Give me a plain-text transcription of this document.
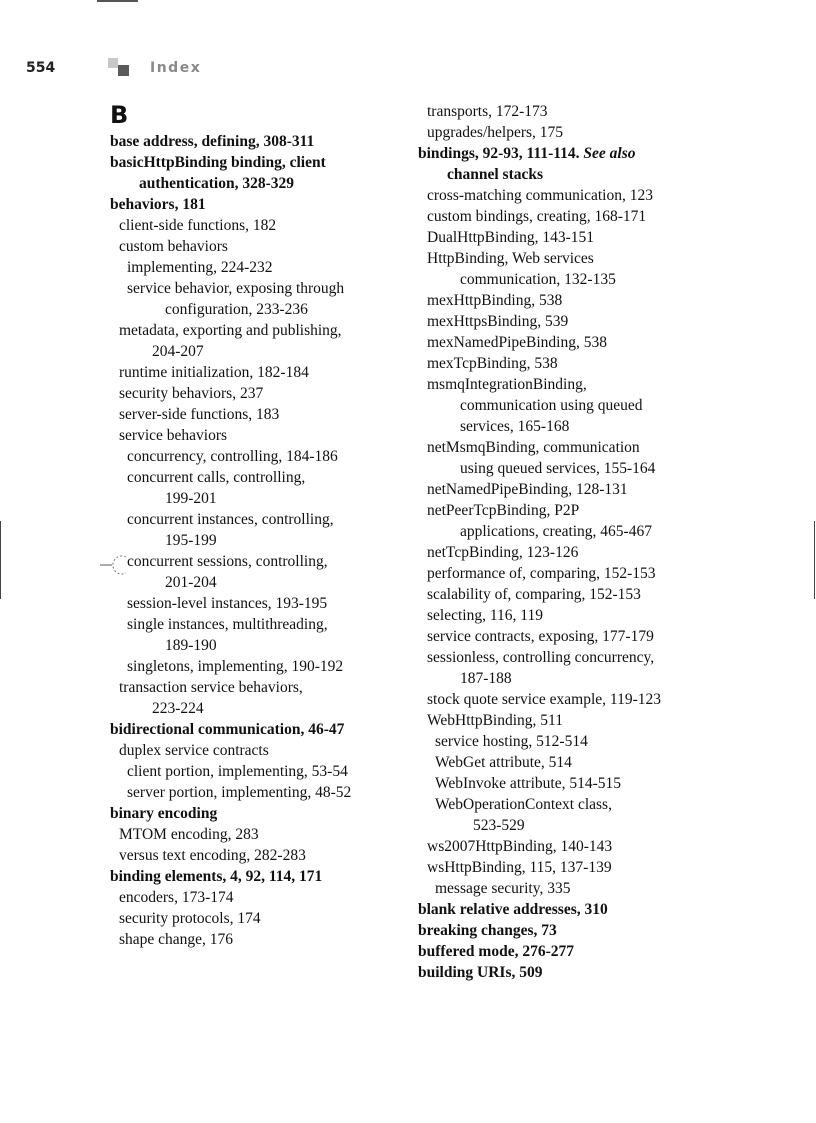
554	Index
B
base address, defining, 308-311
basicHttpBinding binding, client
authentication, 328-329
behaviors, 181
client-side functions, 182
custom behaviors
implementing, 224-232
service behavior, exposing through
configuration, 233-236
metadata, exporting and publishing,
204-207
runtime initialization, 182-184
security behaviors, 237
server-side functions, 183
service behaviors
concurrency, controlling, 184-186
concurrent calls, controlling,
199-201
concurrent instances, controlling,
195-199
concurrent sessions, controlling,
201-204
session-level instances, 193-195
single instances, multithreading,
189-190
singletons, implementing, 190-192
transaction service behaviors,
223-224
bidirectional communication, 46-47
duplex service contracts
client portion, implementing, 53-54
server portion, implementing, 48-52
binary encoding
MTOM encoding, 283
versus text encoding, 282-283
binding elements, 4, 92, 114, 171
encoders, 173-174
security protocols, 174
shape change, 176
transports, 172-173
upgrades/helpers, 175
bindings, 92-93, 111-114. See also
channel stacks
cross-matching communication, 123
custom bindings, creating, 168-171
DualHttpBinding, 143-151
HttpBinding, Web services
communication, 132-135
mexHttpBinding, 538
mexHttpsBinding, 539
mexNamedPipeBinding, 538
mexTcpBinding, 538
msmqIntegrationBinding,
communication using queued
services, 165-168
netMsmqBinding, communication
using queued services, 155-164
netNamedPipeBinding, 128-131
netPeerTcpBinding, P2P
applications, creating, 465-467
netTcpBinding, 123-126
performance of, comparing, 152-153
scalability of, comparing, 152-153
selecting, 116, 119
service contracts, exposing, 177-179
sessionless, controlling concurrency,
187-188
stock quote service example, 119-123
WebHttpBinding, 511
service hosting, 512-514
WebGet attribute, 514
WebInvoke attribute, 514-515
WebOperationContext class,
523-529
ws2007HttpBinding, 140-143
wsHttpBinding, 115, 137-139
message security, 335
blank relative addresses, 310
breaking changes, 73
buffered mode, 276-277
building URIs, 509
